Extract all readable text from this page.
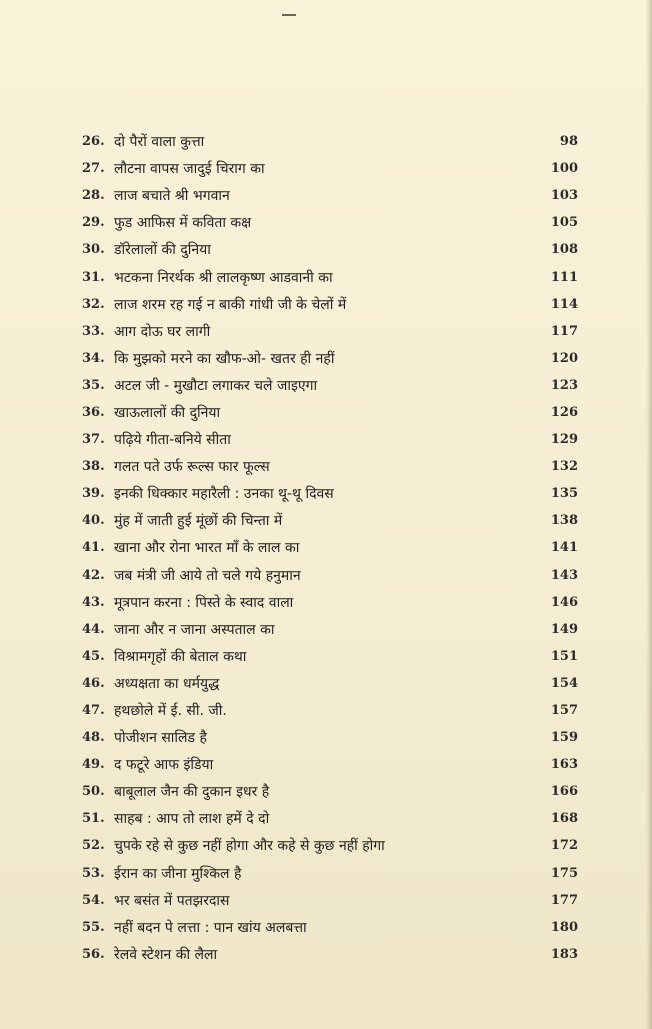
26. दो पैरों वाला कुत्ता	98
27. लौटना वापस जादुई चिराग का	100
28. लाज बचाते श्री भगवान	103
29. फुड आफिस में कविता कक्ष	105
30. डॉरेलालों की दुनिया	108
31. भटकना निरर्थक श्री लालकृष्ण आडवानी का	111
32. लाज शरम रह गई न बाकी गांधी जी के चेलों में	114
33. आग दोऊ घर लागी	117
34. कि मुझको मरने का खौफ-ओ- खतर ही नहीं	120
35. अटल जी - मुखौटा लगाकर चले जाइएगा	123
36. खाऊलालों की दुनिया	126
37. पढ़िये गीता-बनिये सीता	129
38. गलत पते उर्फ रूल्स फार फूल्स	132
39. इनकी धिक्कार महारैली : उनका थू-थू दिवस	135
40. मुंह में जाती हुई मूंछों की चिन्ता में	138
41. खाना और रोना भारत माँ के लाल का	141
42. जब मंत्री जी आये तो चले गये हनुमान	143
43. मूत्रपान करना : पिस्ते के स्वाद वाला	146
44. जाना और न जाना अस्पताल का	149
45. विश्रामगृहों की बेताल कथा	151
46. अध्यक्षता का धर्मयुद्ध	154
47. हथछोले में ई. सी. जी.	157
48. पोजीशन सालिड है	159
49. द फटूरे आफ इंडिया	163
50. बाबूलाल जैन की दुकान इधर है	166
51. साहब : आप तो लाश हमें दे दो	168
52. चुपके रहे से कुछ नहीं होगा और कहे से कुछ नहीं होगा	172
53. ईरान का जीना मुश्किल है	175
54. भर बसंत में पतझरदास	177
55. नहीं बदन पे लत्ता : पान खांय अलबत्ता	180
56. रेलवे स्टेशन की लैला	183
